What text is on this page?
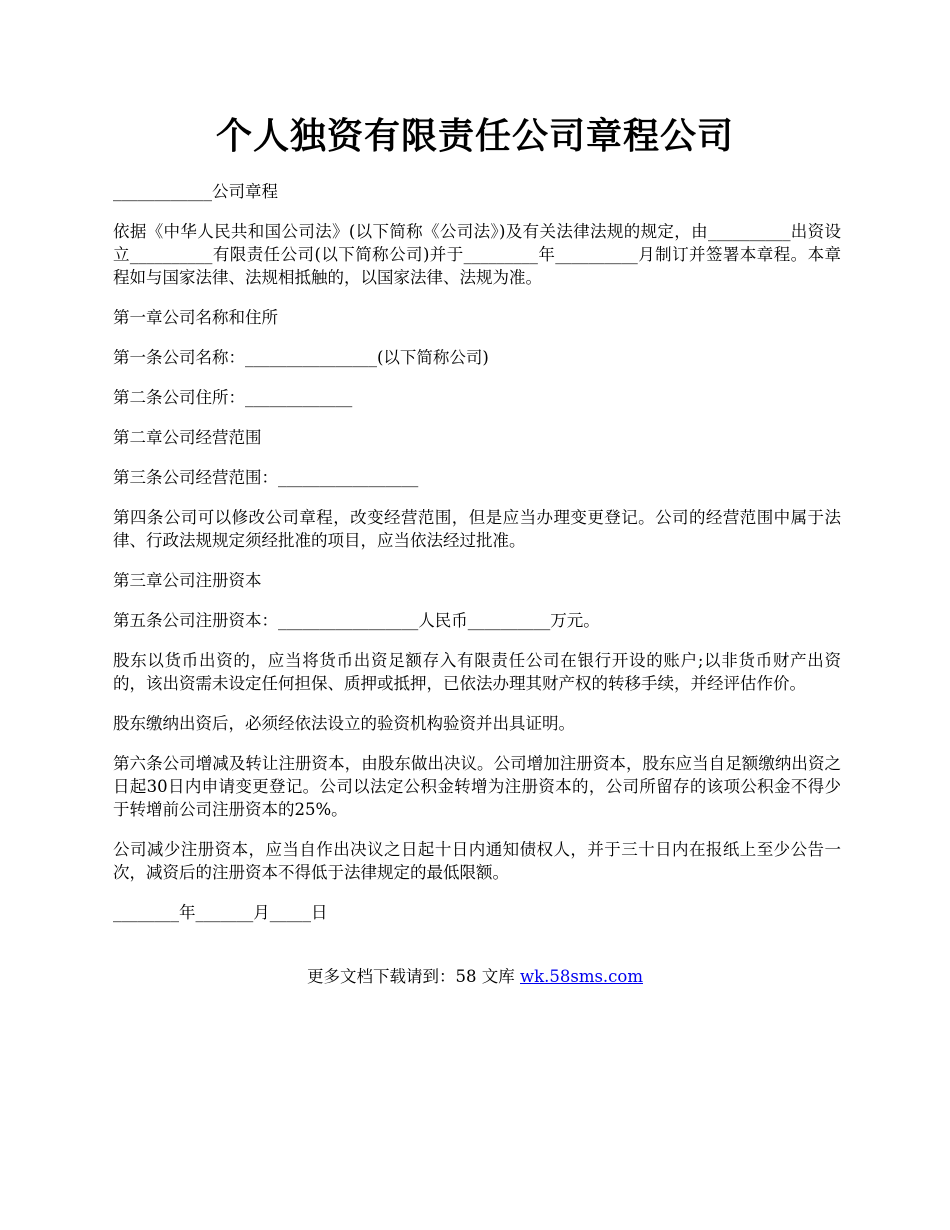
个人独资有限责任公司章程公司

____________公司章程

依据《中华人民共和国公司法》(以下简称《公司法》)及有关法律法规的规定，由__________出资设立__________有限责任公司(以下简称公司)并于_________年__________月制订并签署本章程。本章程如与国家法律、法规相抵触的，以国家法律、法规为准。

第一章公司名称和住所

第一条公司名称：________________(以下简称公司)

第二条公司住所：_____________

第二章公司经营范围

第三条公司经营范围：_________________

第四条公司可以修改公司章程，改变经营范围，但是应当办理变更登记。公司的经营范围中属于法律、行政法规规定须经批准的项目，应当依法经过批准。

第三章公司注册资本

第五条公司注册资本：_________________人民币__________万元。

股东以货币出资的，应当将货币出资足额存入有限责任公司在银行开设的账户;以非货币财产出资的，该出资需未设定任何担保、质押或抵押，已依法办理其财产权的转移手续，并经评估作价。

股东缴纳出资后，必须经依法设立的验资机构验资并出具证明。

第六条公司增减及转让注册资本，由股东做出决议。公司增加注册资本，股东应当自足额缴纳出资之日起30日内申请变更登记。公司以法定公积金转增为注册资本的，公司所留存的该项公积金不得少于转增前公司注册资本的25%。

公司减少注册资本，应当自作出决议之日起十日内通知债权人，并于三十日内在报纸上至少公告一次，减资后的注册资本不得低于法律规定的最低限额。

________年_______月_____日

更多文档下载请到：58 文库 wk.58sms.com
